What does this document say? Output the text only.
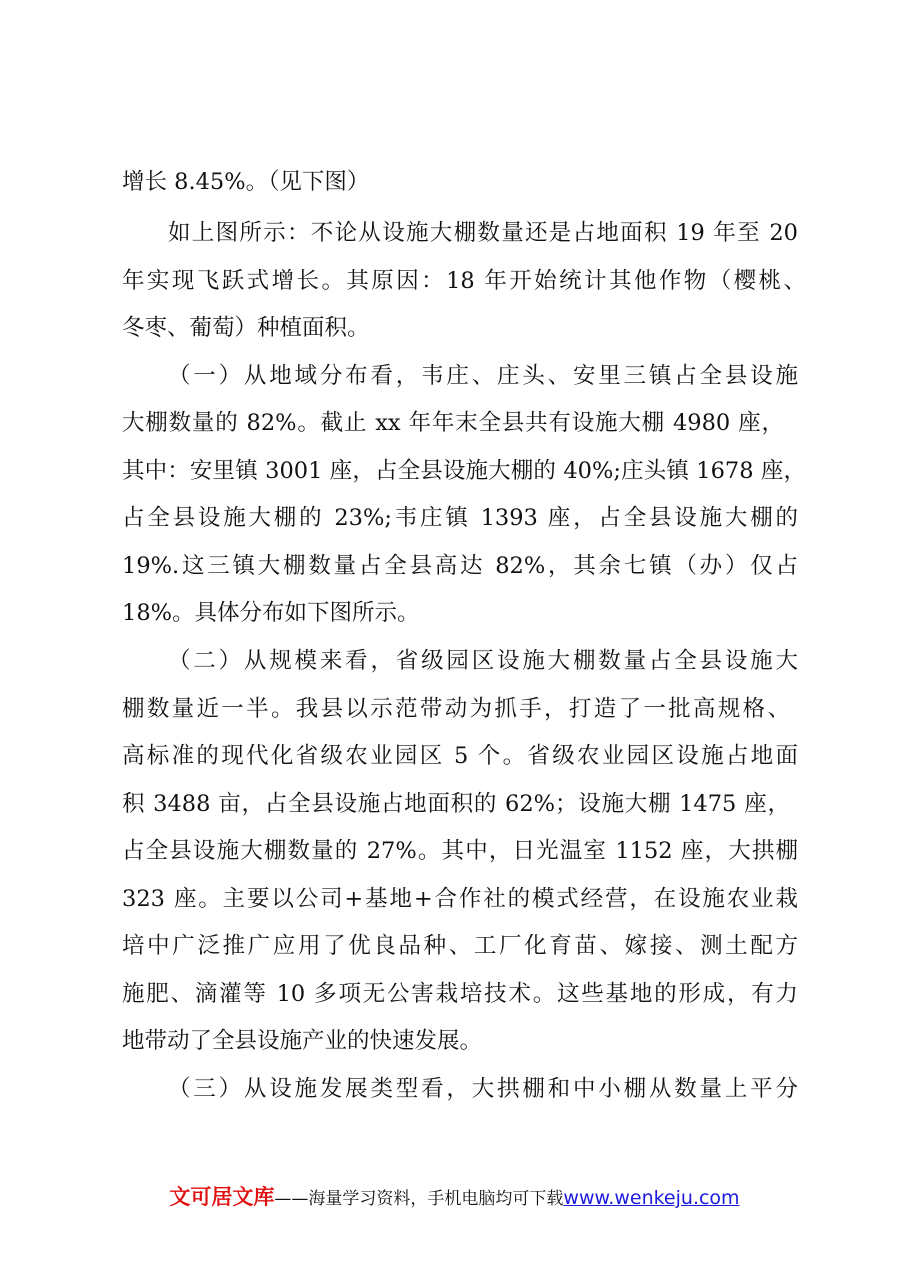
增长 8.45%。（见下图）
如上图所示：不论从设施大棚数量还是占地面积 19 年至 20
年实现飞跃式增长。其原因：18 年开始统计其他作物（樱桃、
冬枣、葡萄）种植面积。
（一）从地域分布看，韦庄、庄头、安里三镇占全县设施
大棚数量的 82%。截止 xx 年年末全县共有设施大棚 4980 座，
其中：安里镇 3001 座，占全县设施大棚的 40%;庄头镇 1678 座，
占全县设施大棚的 23%;韦庄镇 1393 座，占全县设施大棚的
19%.这三镇大棚数量占全县高达 82%，其余七镇（办）仅占
18%。具体分布如下图所示。
（二）从规模来看，省级园区设施大棚数量占全县设施大
棚数量近一半。我县以示范带动为抓手，打造了一批高规格、
高标准的现代化省级农业园区 5 个。省级农业园区设施占地面
积 3488 亩，占全县设施占地面积的 62%；设施大棚 1475 座，
占全县设施大棚数量的 27%。其中，日光温室 1152 座，大拱棚
323 座。主要以公司+基地+合作社的模式经营，在设施农业栽
培中广泛推广应用了优良品种、工厂化育苗、嫁接、测土配方
施肥、滴灌等 10 多项无公害栽培技术。这些基地的形成，有力
地带动了全县设施产业的快速发展。
（三）从设施发展类型看，大拱棚和中小棚从数量上平分
文可居文库——海量学习资料，手机电脑均可下载www.wenkeju.com
